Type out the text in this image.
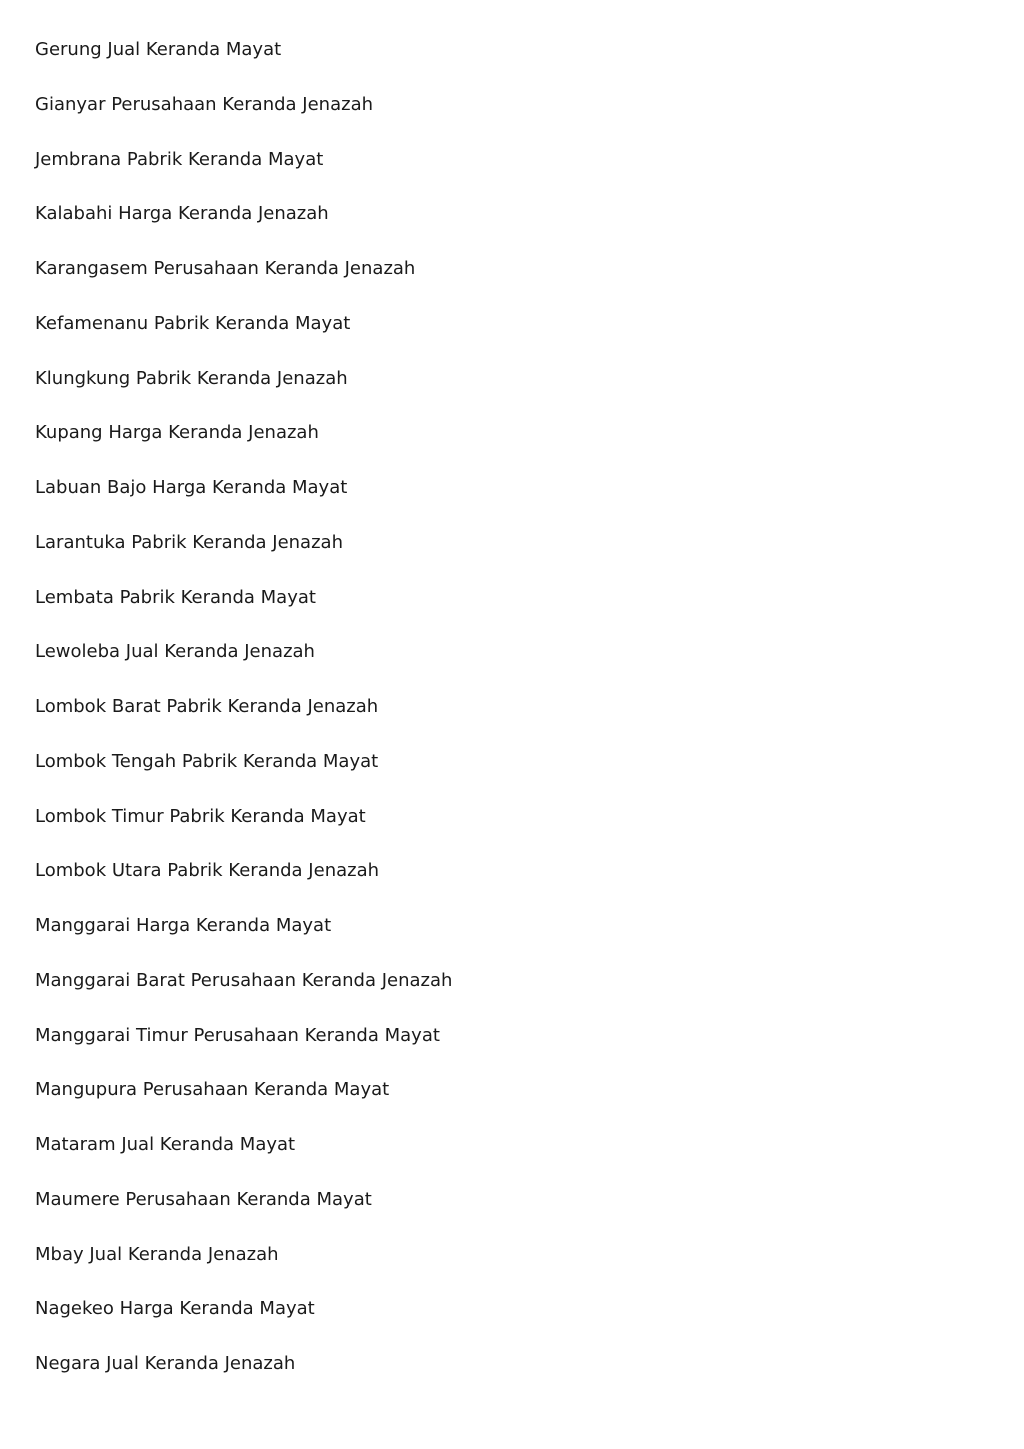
Gerung Jual Keranda Mayat
Gianyar Perusahaan Keranda Jenazah
Jembrana Pabrik Keranda Mayat
Kalabahi Harga Keranda Jenazah
Karangasem Perusahaan Keranda Jenazah
Kefamenanu Pabrik Keranda Mayat
Klungkung Pabrik Keranda Jenazah
Kupang Harga Keranda Jenazah
Labuan Bajo Harga Keranda Mayat
Larantuka Pabrik Keranda Jenazah
Lembata Pabrik Keranda Mayat
Lewoleba Jual Keranda Jenazah
Lombok Barat Pabrik Keranda Jenazah
Lombok Tengah Pabrik Keranda Mayat
Lombok Timur Pabrik Keranda Mayat
Lombok Utara Pabrik Keranda Jenazah
Manggarai Harga Keranda Mayat
Manggarai Barat Perusahaan Keranda Jenazah
Manggarai Timur Perusahaan Keranda Mayat
Mangupura Perusahaan Keranda Mayat
Mataram Jual Keranda Mayat
Maumere Perusahaan Keranda Mayat
Mbay Jual Keranda Jenazah
Nagekeo Harga Keranda Mayat
Negara Jual Keranda Jenazah
